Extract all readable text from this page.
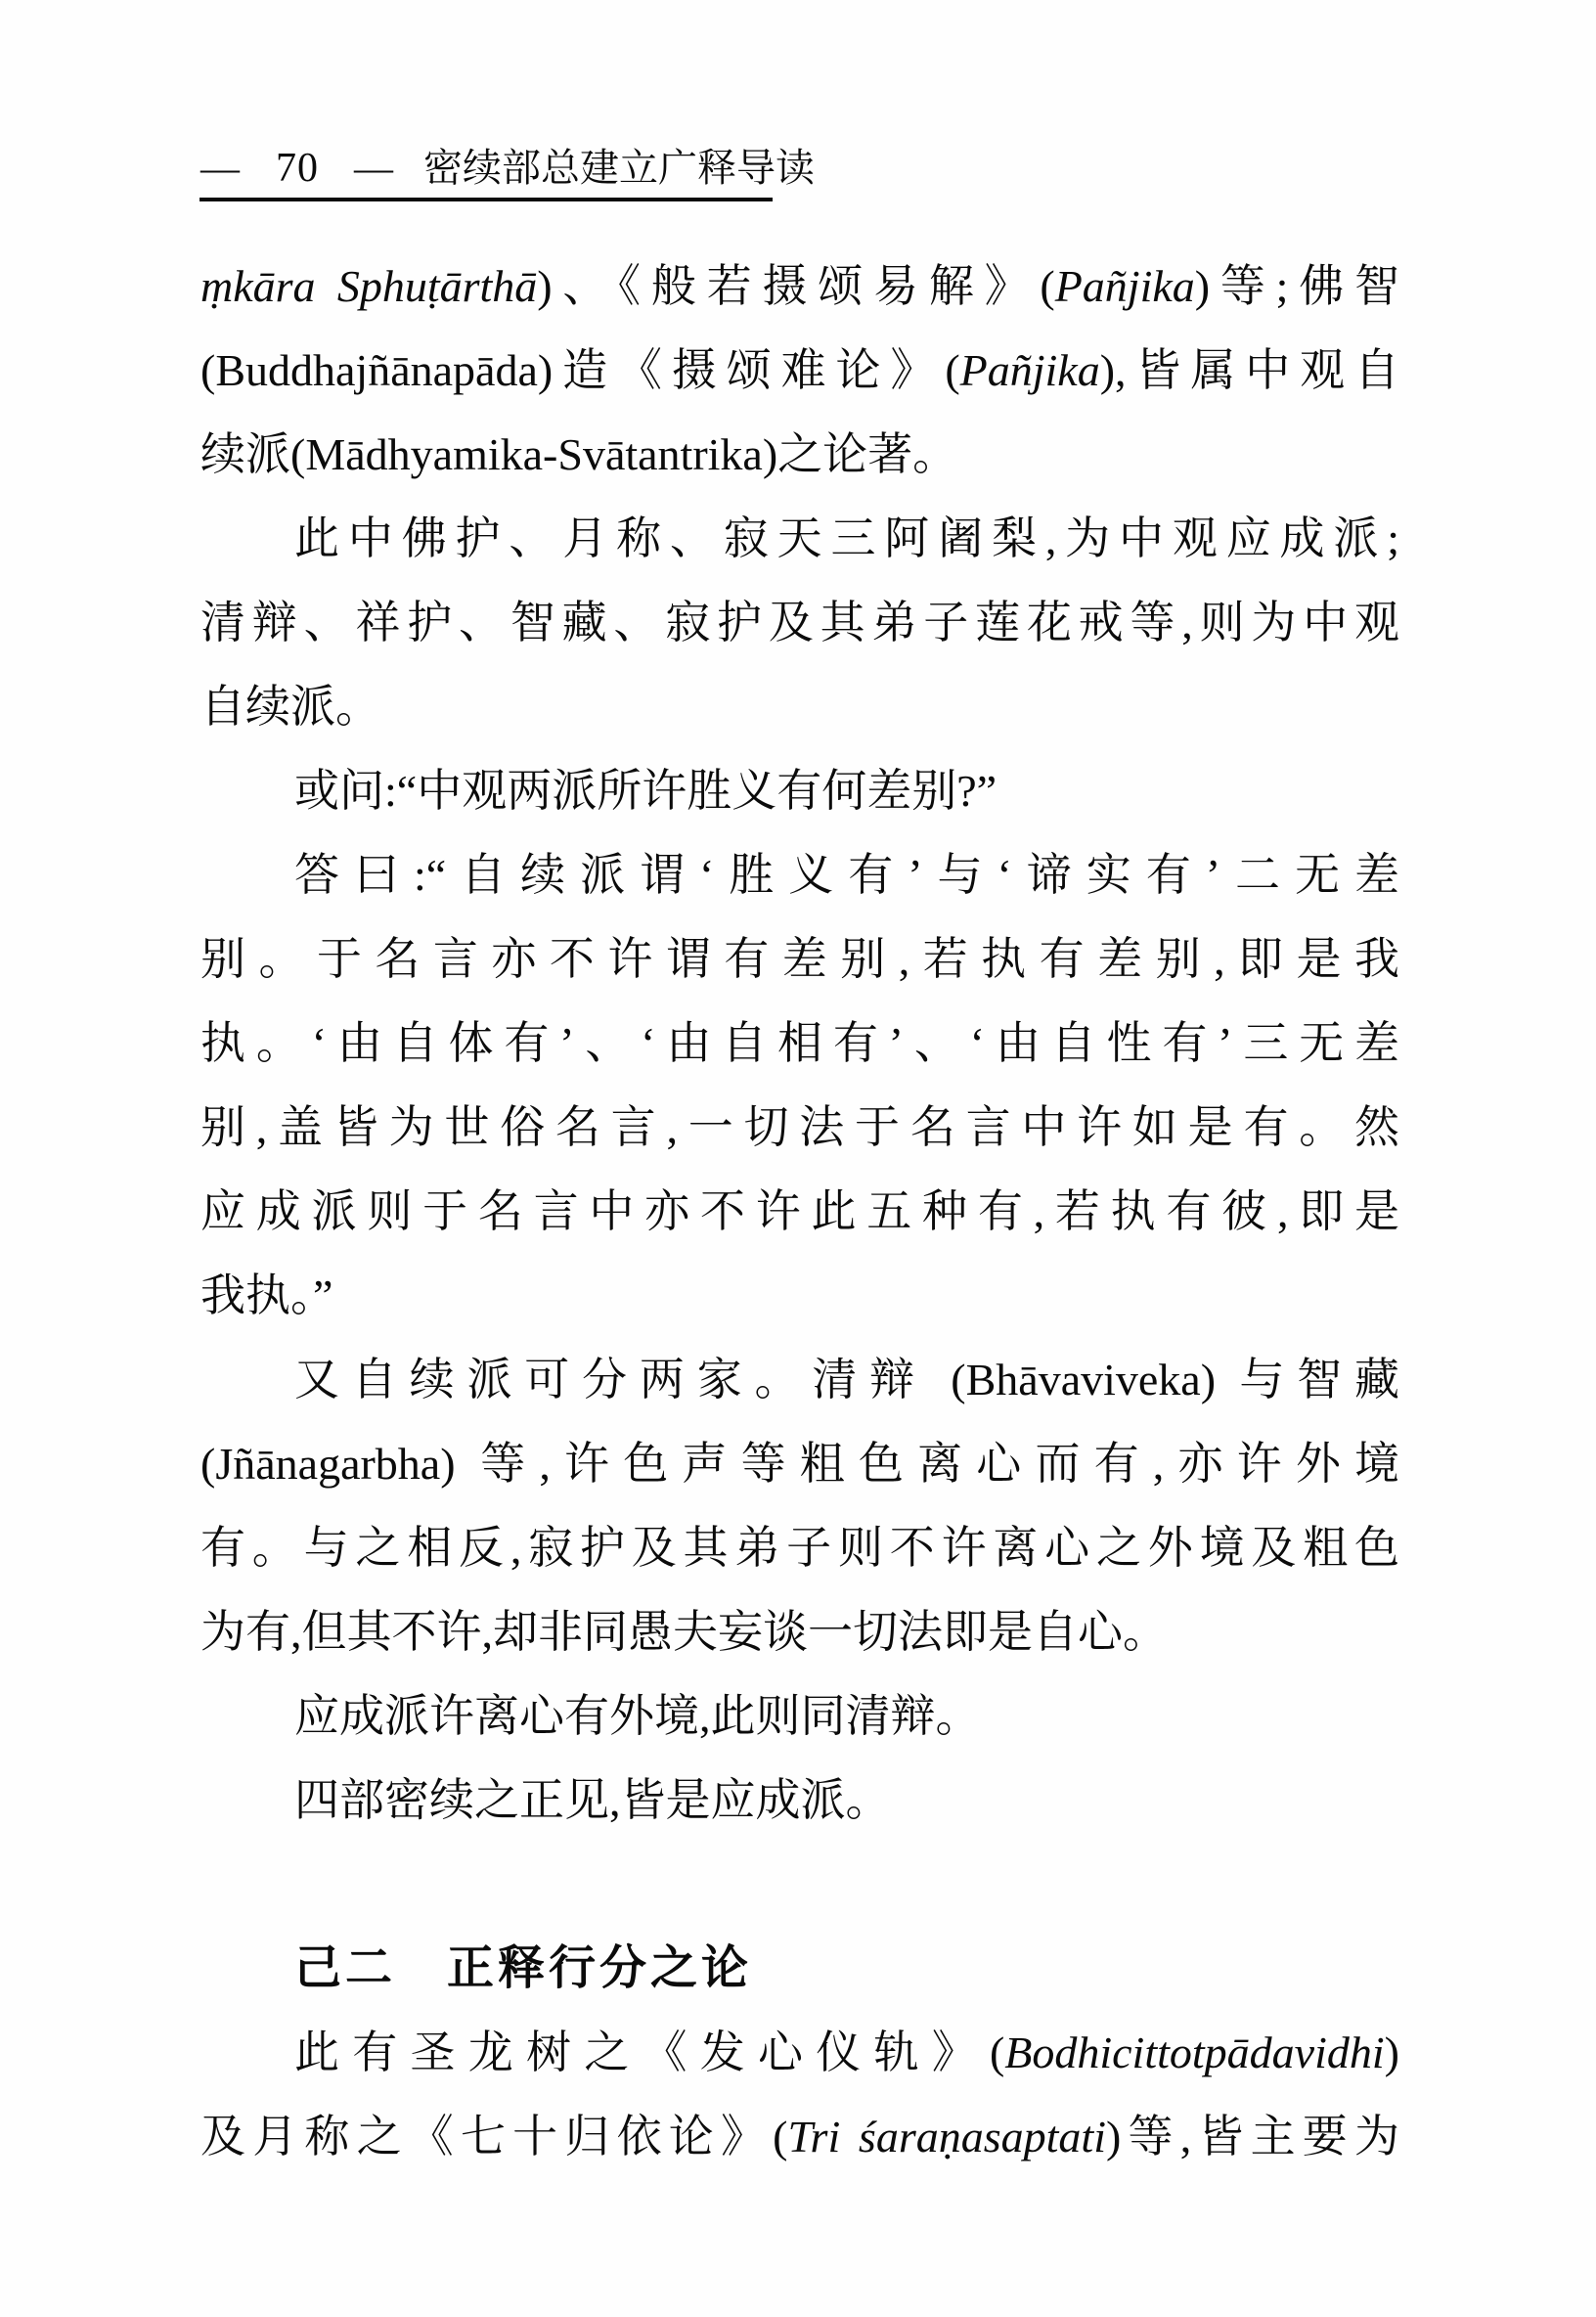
— 70 — 密续部总建立广释导读
ṃkāra Sphuṭārthā)、《般若摄颂易解》(Pañjika)等;佛智
(Buddhajñānapāda)造《摄颂难论》(Pañjika),皆属中观自
续派(Mādhyamika-Svātantrika)之论著。
此中佛护、月称、寂天三阿阇梨,为中观应成派;
清辩、祥护、智藏、寂护及其弟子莲花戒等,则为中观
自续派。
或问:“中观两派所许胜义有何差别?”
答曰:“自续派谓‘胜义有’与‘谛实有’二无差
别。于名言亦不许谓有差别,若执有差别,即是我
执。‘由自体有’、‘由自相有’、‘由自性有’三无差
别,盖皆为世俗名言,一切法于名言中许如是有。然
应成派则于名言中亦不许此五种有,若执有彼,即是
我执。”
又自续派可分两家。清辩 (Bhāvaviveka) 与智藏
(Jñānagarbha) 等,许色声等粗色离心而有,亦许外境
有。与之相反,寂护及其弟子则不许离心之外境及粗色
为有,但其不许,却非同愚夫妄谈一切法即是自心。
应成派许离心有外境,此则同清辩。
四部密续之正见,皆是应成派。
己二　正释行分之论
此有圣龙树之《发心仪轨》(Bodhicittotpādavidhi)
及月称之《七十归依论》(Tri śaraṇasaptati)等,皆主要为
